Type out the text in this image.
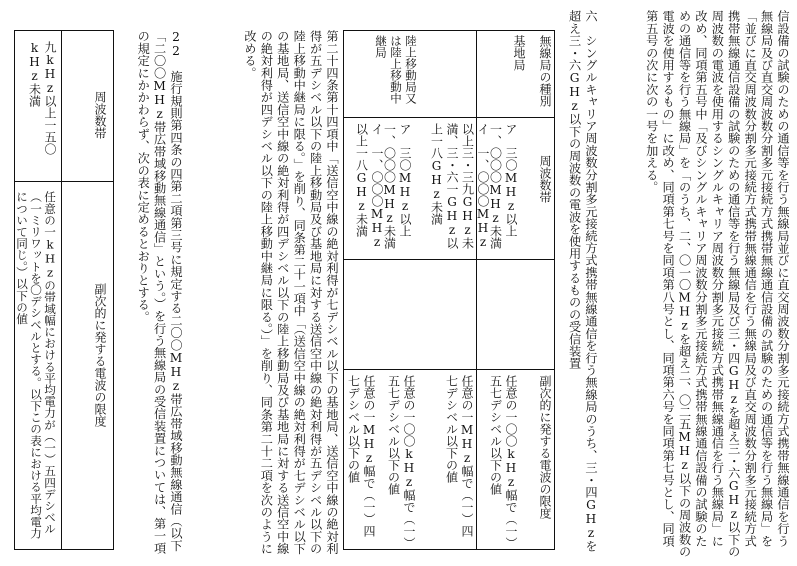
信設備の試験のための通信等を行う無線局並びに直交周波数分割多元接続方式携帯無線通信を行う無線局及び直交周波数分割多元接続方式携帯無線通信設備の試験のための通信等を行う無線局」を「並びに直交周波数分割多元接続方式携帯無線通信を行う無線局及び直交周波数分割多元接続方式携帯無線通信設備の試験のための通信等を行う無線局及び三・四GHzを超え三・六GHz以下の周波数の電波を使用するシングルキャリア周波数分割多元接続方式携帯無線通信を行う無線局」に改め、同項第五号中「及びシングルキャリア周波数分割多元接続方式携帯無線通信設備の試験のための通信等を行う無線局」を「のうち、二、〇一〇MHzを超え二、〇二五MHz以下の周波数の電波を使用するもの」に改め、同項第七号を同項第八号とし、同項第六号を同項第七号とし、同項第五号の次に次の一号を加える。
六　シングルキャリア周波数分割多元接続方式携帯無線通信を行う無線局のうち、三・四GHzを超え三・六GHz以下の周波数の電波を使用するものの受信装置
無線局の種別
周波数帯
副次的に発する電波の限度
基地局
ア　三〇MHz以上一、〇〇〇MHz未満
任意の一〇〇kHz幅で（一）五七デシベル以下の値
イ　一、〇〇〇MHz以上三・三九GHz未満、三・六一GHz以上一八GHz未満
任意の一MHz幅で（一）四七デシベル以下の値
陸上移動局又は陸上移動中継局
ア　三〇MHz以上一、〇〇〇MHz未満
任意の一〇〇kHz幅で（一）五七デシベル以下の値
イ　一、〇〇〇MHz以上一八GHz未満
任意の一MHz幅で（一）四七デシベル以下の値
第二十四条第十四項中「送信空中線の絶対利得が七デシベル以下の基地局、送信空中線の絶対利得が五デシベル以下の陸上移動局及び基地局に対する送信空中線の絶対利得が五デシベル以下の陸上移動中継局に限る。」を削り、同条第二十一項中「（送信空中線の絶対利得が七デシベル以下の基地局、送信空中線の絶対利得が四デシベル以下の陸上移動局及び基地局に対する送信空中線の絶対利得が四デシベル以下の陸上移動中継局に限る。）」を削り、同条第二十二項を次のように改める。
22　施行規則第四条の四第二項第三号に規定する二〇〇MHz帯広帯域移動無線通信（以下「二〇〇MHz帯広帯域移動無線通信」という。）を行う無線局の受信装置については、第一項の規定にかかわらず、次の表に定めるとおりとする。
周波数帯
副次的に発する電波の限度
九kHz以上一五〇kHz未満
任意の一kHzの帯域幅における平均電力が（一）五四デシベル（一ミリワットを〇デシベルとする。以下この表における平均電力について同じ。）以下の値
